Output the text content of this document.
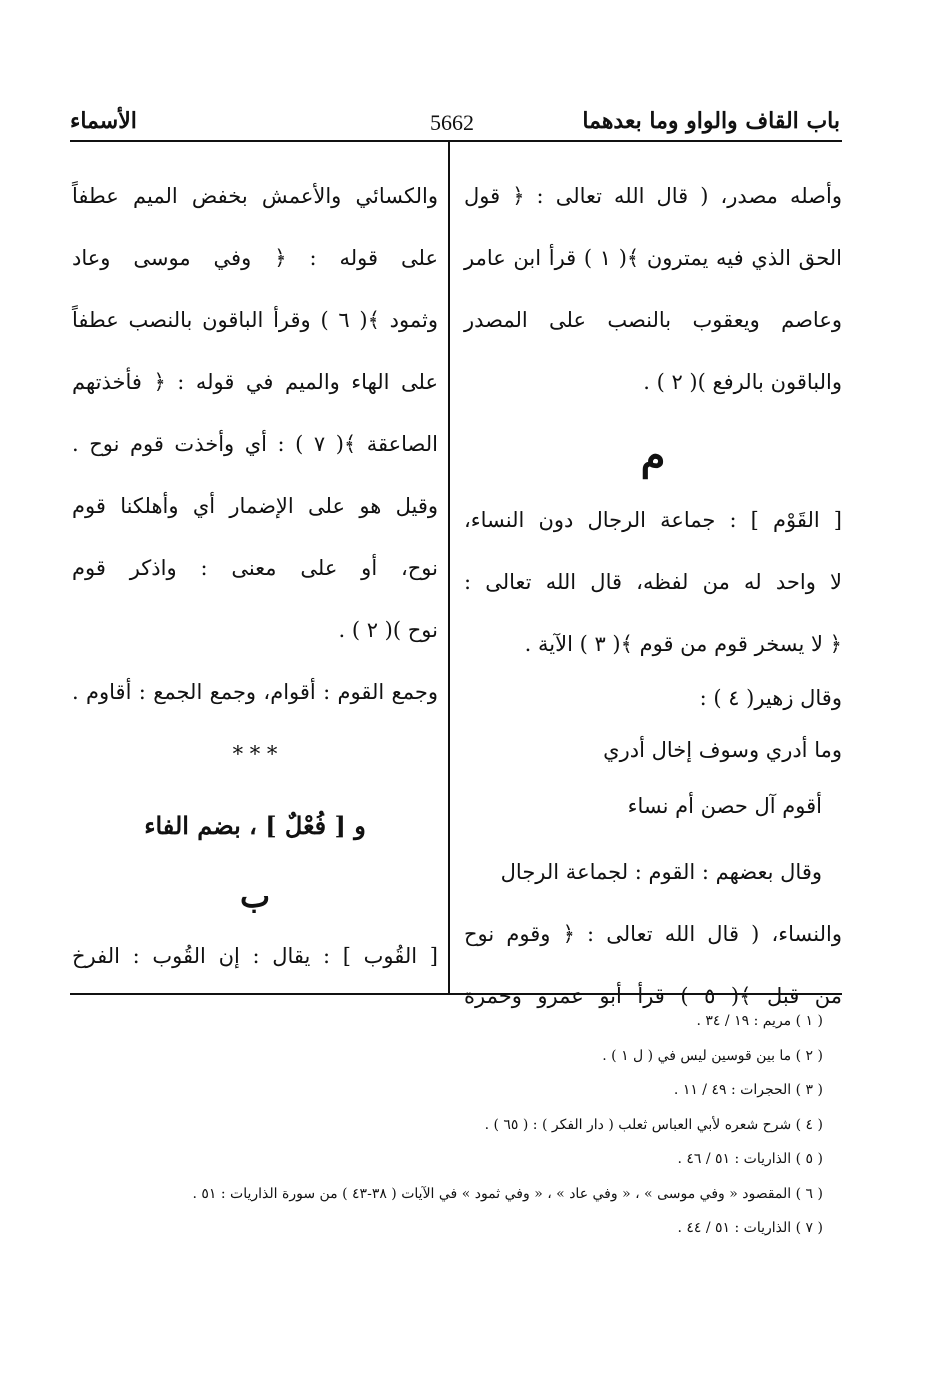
باب القاف والواو وما بعدهما
5662
الأسماء
وأصله مصدر، ( قال الله تعالى : ﴿ قول
الحق الذي فيه يمترون ﴾( ١ ) قرأ ابن عامر
وعاصم ويعقوب بالنصب على المصدر
والباقون بالرفع )( ٢ ) .
م
[ القَوْم ] : جماعة الرجال دون النساء،
لا واحد له من لفظه، قال الله تعالى :
﴿ لا يسخر قوم من قوم ﴾( ٣ ) الآية .
وقال زهير( ٤ ) :
وما أدري وسوف إخال أدري
أقوم آل حصن أم نساء
وقال بعضهم : القوم : لجماعة الرجال
والنساء، ( قال الله تعالى : ﴿ وقوم نوح
من قبل ﴾( ٥ ) قرأ أبو عمرو وحمزة
والكسائي والأعمش بخفض الميم عطفاً
على قوله : ﴿ وفي موسى وعاد
وثمود ﴾( ٦ ) وقرأ الباقون بالنصب عطفاً
على الهاء والميم في قوله : ﴿ فأخذتهم
الصاعقة ﴾( ٧ ) : أي وأخذت قوم نوح .
وقيل هو على الإضمار أي وأهلكنا قوم
نوح، أو على معنى : واذكر قوم
نوح )( ٢ ) .
وجمع القوم : أقوام، وجمع الجمع : أقاوم .
* * *
و [ فُعْلٌ ] ، بضم الفاء
ب
[ القُوب ] : يقال : إن القُوب : الفرخ
( ١ ) مريم : ١٩ / ٣٤ .
( ٢ ) ما بين قوسين ليس في ( ل ١ ) .
( ٣ ) الحجرات : ٤٩ / ١١ .
( ٤ ) شرح شعره لأبي العباس ثعلب ( دار الفكر ) : ( ٦٥ ) .
( ٥ ) الذاريات : ٥١ / ٤٦ .
( ٦ ) المقصود « وفي موسى » ، « وفي عاد » ، « وفي ثمود » في الآيات ( ٣٨-٤٣ ) من سورة الذاريات : ٥١ .
( ٧ ) الذاريات : ٥١ / ٤٤ .
